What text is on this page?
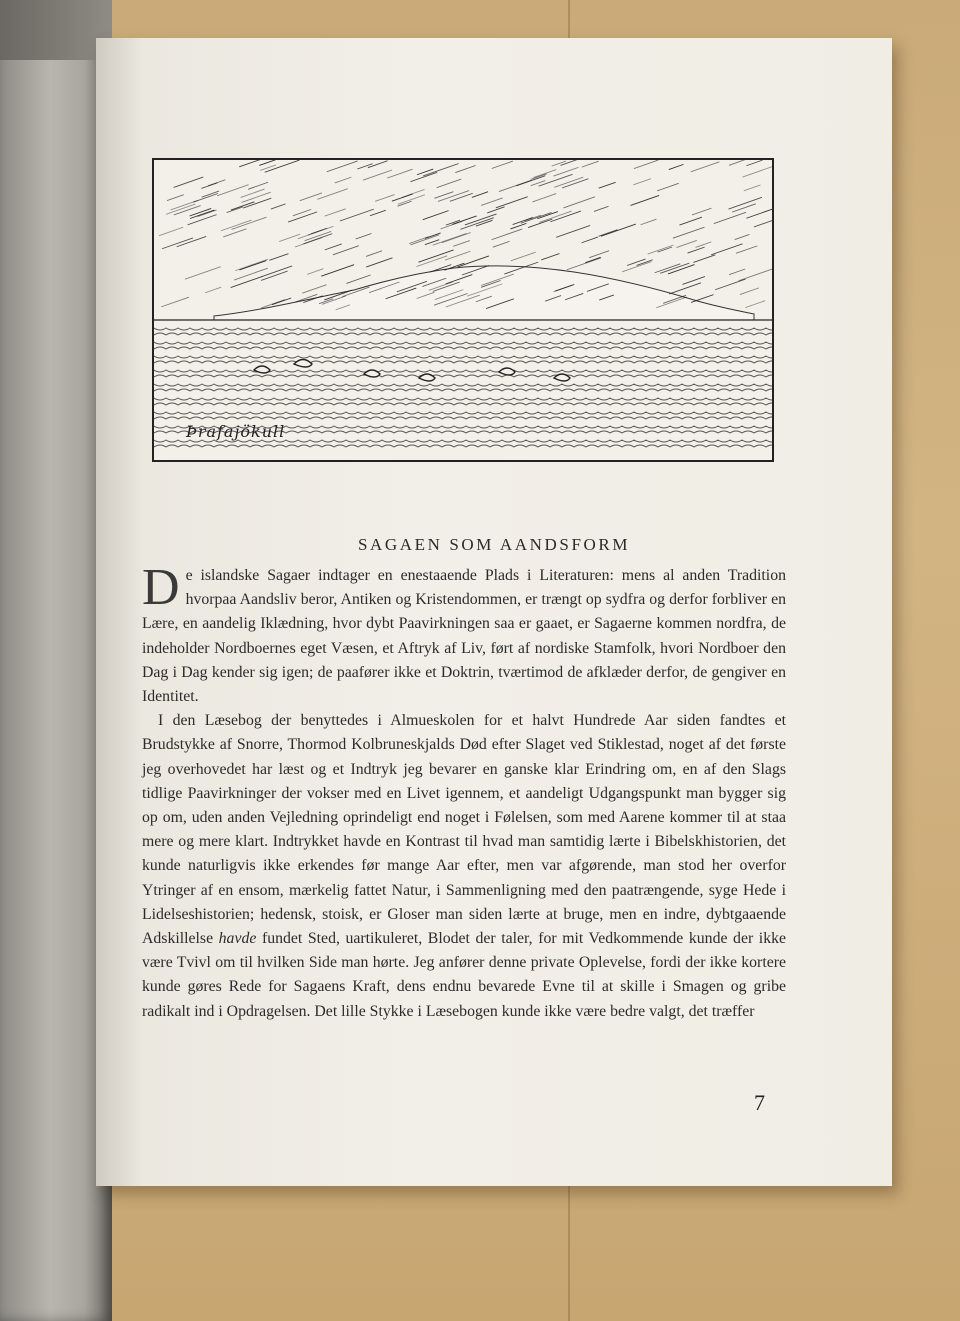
Þrafajökull
SAGAEN SOM AANDSFORM

De islandske Sagaer indtager en enestaaende Plads i Literaturen: mens al anden Tradition hvorpaa Aandsliv beror, Antiken og Kristendommen, er trængt op sydfra og derfor forbliver en Lære, en aandelig Iklædning, hvor dybt Paavirkningen saa er gaaet, er Sagaerne kommen nordfra, de indeholder Nordboernes eget Væsen, et Aftryk af Liv, ført af nordiske Stamfolk, hvori Nordboer den Dag i Dag kender sig igen; de paafører ikke et Doktrin, tværtimod de afklæder derfor, de gengiver en Identitet.

I den Læsebog der benyttedes i Almueskolen for et halvt Hundrede Aar siden fandtes et Brudstykke af Snorre, Thormod Kolbruneskjalds Død efter Slaget ved Stiklestad, noget af det første jeg overhovedet har læst og et Indtryk jeg bevarer en ganske klar Erindring om, en af den Slags tidlige Paavirkninger der vokser med en Livet igennem, et aandeligt Udgangspunkt man bygger sig op om, uden anden Vejledning oprindeligt end noget i Følelsen, som med Aarene kommer til at staa mere og mere klart. Indtrykket havde en Kontrast til hvad man samtidig lærte i Bibelskhistorien, det kunde naturligvis ikke erkendes før mange Aar efter, men var afgørende, man stod her overfor Ytringer af en ensom, mærkelig fattet Natur, i Sammenligning med den paatrængende, syge Hede i Lidelseshistorien; hedensk, stoisk, er Gloser man siden lærte at bruge, men en indre, dybtgaaende Adskillelse havde fundet Sted, uartikuleret, Blodet der taler, for mit Vedkommende kunde der ikke være Tvivl om til hvilken Side man hørte. Jeg anfører denne private Oplevelse, fordi der ikke kortere kunde gøres Rede for Sagaens Kraft, dens endnu bevarede Evne til at skille i Smagen og gribe radikalt ind i Opdragelsen. Det lille Stykke i Læsebogen kunde ikke være bedre valgt, det træffer

7
